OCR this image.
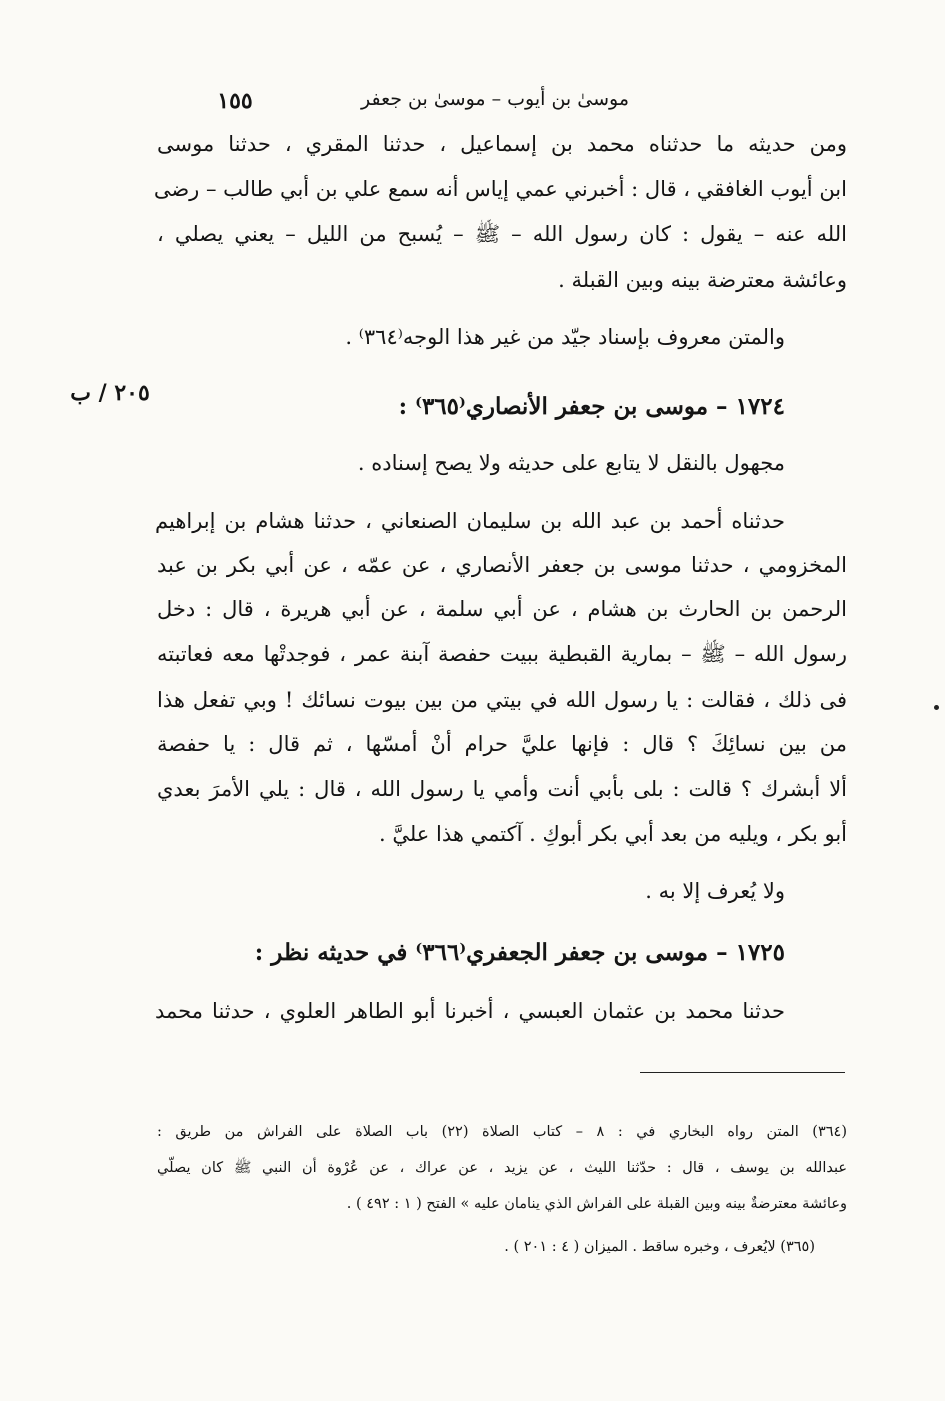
موسىٰ بن أيوب – موسىٰ بن جعفر
١٥٥
ومن حديثه ما حدثناه محمد بن إسماعيل ، حدثنا المقري ، حدثنا موسى
ابن أيوب الغافقي ، قال : أخبرني عمي إياس أنه سمع علي بن أبي طالب – رضى
الله عنه – يقول : كان رسول الله – ﷺ – يُسبح من الليل – يعني يصلي ،
وعائشة معترضة بينه وبين القبلة .
والمتن معروف بإسناد جيّد من غير هذا الوجه⁽٣٦٤⁾ .
٢٠٥ / ب	١٧٢٤ – موسى بن جعفر الأنصاري⁽٣٦٥⁾ :
مجهول بالنقل لا يتابع على حديثه ولا يصح إسناده .
حدثناه أحمد بن عبد الله بن سليمان الصنعاني ، حدثنا هشام بن إبراهيم
المخزومي ، حدثنا موسى بن جعفر الأنصاري ، عن عمّه ، عن أبي بكر بن عبد
الرحمن بن الحارث بن هشام ، عن أبي سلمة ، عن أبي هريرة ، قال : دخل
رسول الله – ﷺ – بمارية القبطية ببيت حفصة آبنة عمر ، فوجدتْها معه فعاتبته
فى ذلك ، فقالت : يا رسول الله في بيتي من بين بيوت نسائك ! وبي تفعل هذا
من بين نسائِكَ ؟ قال : فإنها عليَّ حرام أنْ أمسّها ، ثم قال : يا حفصة
ألا أبشرك ؟ قالت : بلى بأبي أنت وأمي يا رسول الله ، قال : يلي الأمرَ بعدي
أبو بكر ، ويليه من بعد أبي بكر أبوكِ . آكتمي هذا عليَّ .
ولا يُعرف إلا به .
١٧٢٥ – موسى بن جعفر الجعفري⁽٣٦٦⁾ في حديثه نظر :
حدثنا محمد بن عثمان العبسي ، أخبرنا أبو الطاهر العلوي ، حدثنا محمد
(٣٦٤) المتن رواه البخاري في : ٨ – كتاب الصلاة (٢٢) باب الصلاة على الفراش من طريق :
عبدالله بن يوسف ، قال : حدّثنا الليث ، عن يزيد ، عن عراك ، عن عُرْوة أن النبي ﷺ كان يصلّي
وعائشة معترضةٌ بينه وبين القبلة على الفراش الذي ينامان عليه » الفتح ( ١ : ٤٩٢ ) .
(٣٦٥) لايُعرف ، وخبره ساقط . الميزان ( ٤ : ٢٠١ ) .
